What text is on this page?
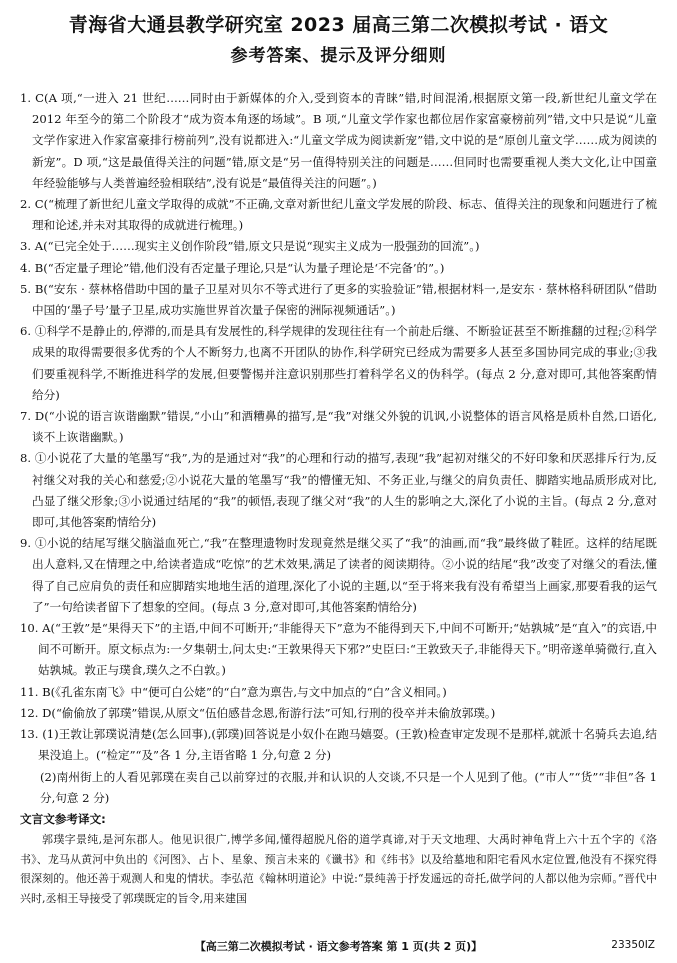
青海省大通县教学研究室 2023 届高三第二次模拟考试 · 语文
参考答案、提示及评分细则

1. C(A 项,“一进入 21 世纪……同时由于新媒体的介入,受到资本的青睐”错,时间混淆,根据原文第一段,新世纪儿童文学在 2012 年至今的第二个阶段才“成为资本角逐的场域”。B 项,“儿童文学作家也都位居作家富豪榜前列”错,文中只是说“儿童文学作家进入作家富豪排行榜前列”,没有说都进入:“儿童文学成为阅读新宠”错,文中说的是“原创儿童文学……成为阅读的新宠”。D 项,“这是最值得关注的问题”错,原文是“另一值得特别关注的问题是……但同时也需要重视人类大文化,让中国童年经验能够与人类普遍经验相联结”,没有说是“最值得关注的问题”。)

2. C(“梳理了新世纪儿童文学取得的成就”不正确,文章对新世纪儿童文学发展的阶段、标志、值得关注的现象和问题进行了梳理和论述,并未对其取得的成就进行梳理。)

3. A(“已完全处于……现实主义创作阶段”错,原文只是说“现实主义成为一股强劲的回流”。)

4. B(“否定量子理论”错,他们没有否定量子理论,只是“认为量子理论是‘不完备’的”。)

5. B(“安东 · 蔡林格借助中国的量子卫星对贝尔不等式进行了更多的实验验证”错,根据材料一,是安东 · 蔡林格科研团队“借助中国的‘墨子号’量子卫星,成功实施世界首次量子保密的洲际视频通话”。)

6. ①科学不是静止的,停滞的,而是具有发展性的,科学规律的发现往往有一个前赴后继、不断验证甚至不断推翻的过程;②科学成果的取得需要很多优秀的个人不断努力,也离不开团队的协作,科学研究已经成为需要多人甚至多国协同完成的事业;③我们要重视科学,不断推进科学的发展,但要警惕并注意识别那些打着科学名义的伪科学。(每点 2 分,意对即可,其他答案酌情给分)

7. D(“小说的语言诙谐幽默”错误,“小山”和酒糟鼻的描写,是“我”对继父外貌的讥讽,小说整体的语言风格是质朴自然,口语化,谈不上诙谐幽默。)

8. ①小说花了大量的笔墨写“我”,为的是通过对“我”的心理和行动的描写,表现“我”起初对继父的不好印象和厌恶排斥行为,反衬继父对我的关心和慈爱;②小说花大量的笔墨写“我”的懵懂无知、不务正业,与继父的肩负责任、脚踏实地品质形成对比,凸显了继父形象;③小说通过结尾的“我”的顿悟,表现了继父对“我”的人生的影响之大,深化了小说的主旨。(每点 2 分,意对即可,其他答案酌情给分)

9. ①小说的结尾写继父脑溢血死亡,“我”在整理遗物时发现竟然是继父买了“我”的油画,而“我”最终做了鞋匠。这样的结尾既出人意料,又在情理之中,给读者造成“吃惊”的艺术效果,满足了读者的阅读期待。②小说的结尾“我”改变了对继父的看法,懂得了自己应肩负的责任和应脚踏实地地生活的道理,深化了小说的主题,以“至于将来我有没有希望当上画家,那要看我的运气了”一句给读者留下了想象的空间。(每点 3 分,意对即可,其他答案酌情给分)

10. A(“王敦”是“果得天下”的主语,中间不可断开;“非能得天下”意为不能得到天下,中间不可断开;“姑孰城”是“直入”的宾语,中间不可断开。原文标点为:一夕集朝士,问太史:“王敦果得天下邪?”史臣曰:“王敦致天子,非能得天下。”明帝遂单骑微行,直入姑孰城。敦正与璞食,璞久之不白敦。)

11. B(《孔雀东南飞》中“便可白公姥”的“白”意为禀告,与文中加点的“白”含义相同。)

12. D(“偷偷放了郭璞”错误,从原文“伍伯感昔念恩,衔游行法”可知,行刑的役卒并未偷放郭璞。)

13. (1)王敦让郭璞说清楚(怎么回事),(郭璞)回答说是小奴仆在跑马嬉耍。(王敦)检查审定发现不是那样,就派十名骑兵去追,结果没追上。(“检定”“及”各 1 分,主语省略 1 分,句意 2 分)

(2)南州街上的人看见郭璞在卖自己以前穿过的衣服,并和认识的人交谈,不只是一个人见到了他。(“市人”“货”“非但”各 1 分,句意 2 分)

文言文参考译文:

郭璞字景纯,是河东郡人。他见识很广,博学多闻,懂得超脱凡俗的道学真谛,对于天文地理、大禹时神龟背上六十五个字的《洛书》、龙马从黄河中负出的《河图》、占卜、星象、预言未来的《谶书》和《纬书》以及给墓地和阳宅看风水定位置,他没有不探究得很深刻的。他还善于观测人和鬼的情状。李弘范《翰林明道论》中说:“景纯善于抒发遥远的奇托,做学问的人都以他为宗师。”晋代中兴时,丞相王导接受了郭璞既定的旨令,用来建国

【高三第二次模拟考试 · 语文参考答案 第 1 页(共 2 页)】	23350IZ
